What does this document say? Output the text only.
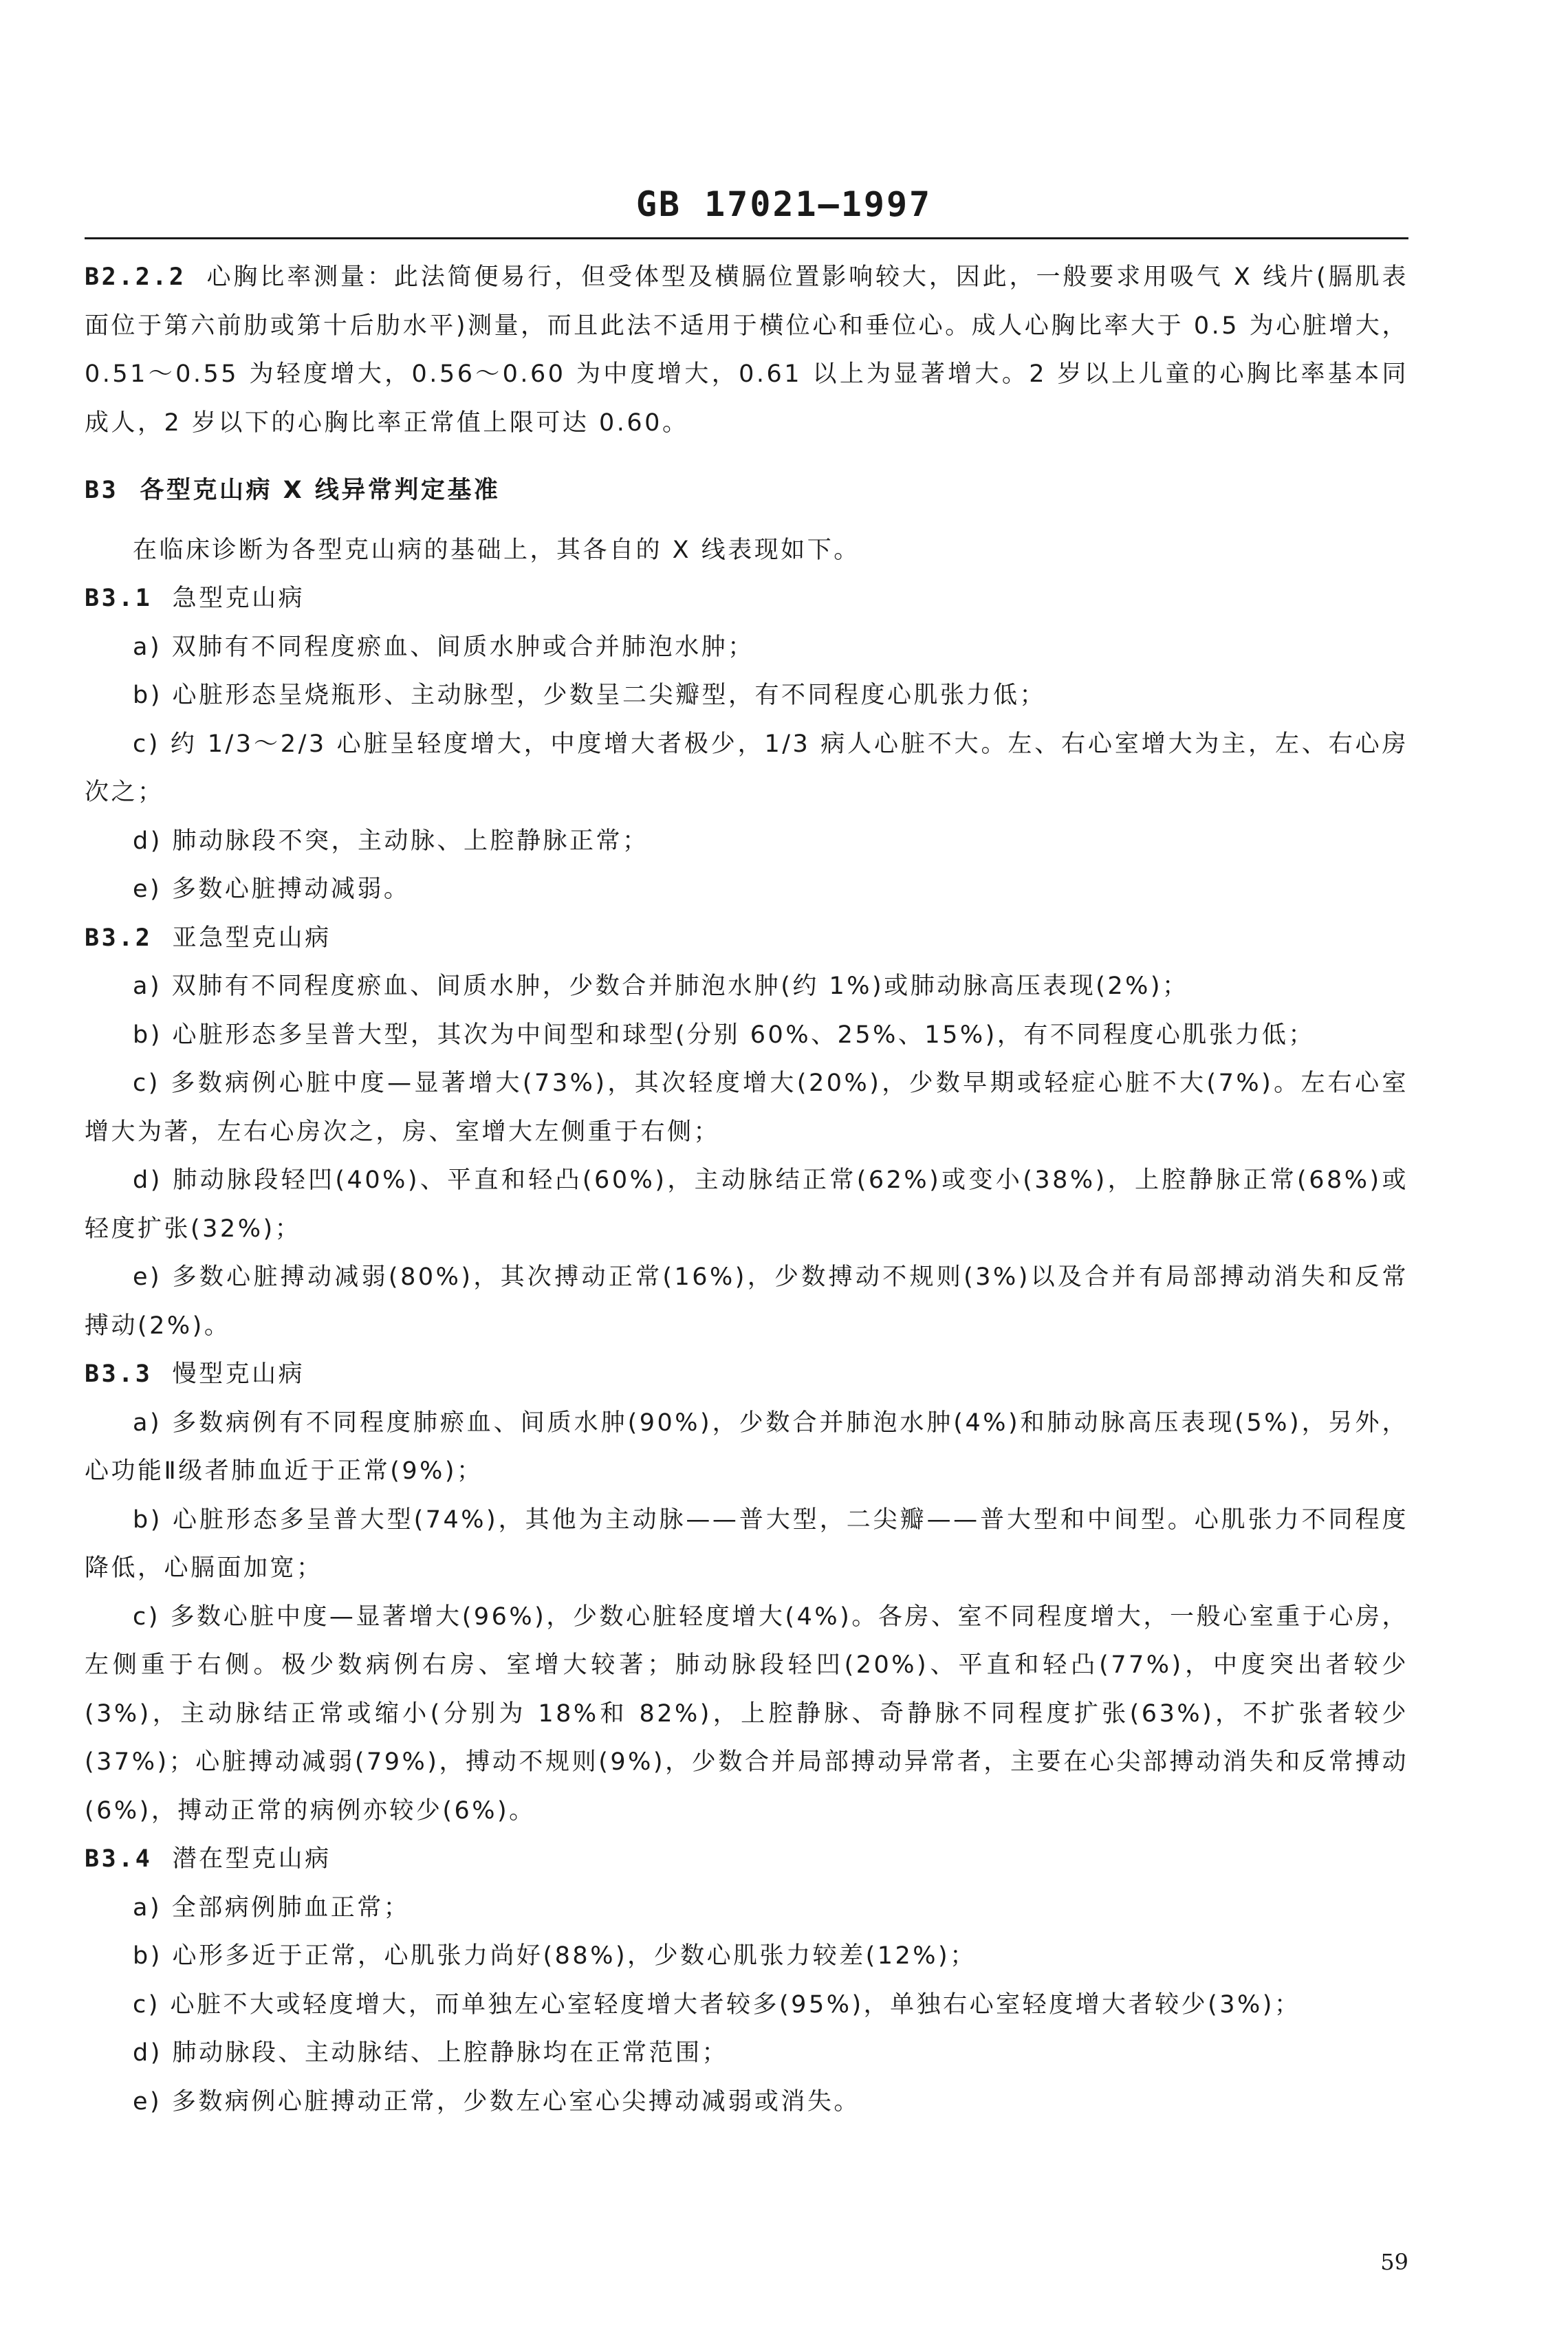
GB 17021—1997

B2.2.2 心胸比率测量：此法简便易行，但受体型及横膈位置影响较大，因此，一般要求用吸气 X 线片(膈肌表面位于第六前肋或第十后肋水平)测量，而且此法不适用于横位心和垂位心。成人心胸比率大于 0.5 为心脏增大，0.51～0.55 为轻度增大，0.56～0.60 为中度增大，0.61 以上为显著增大。2 岁以上儿童的心胸比率基本同成人，2 岁以下的心胸比率正常值上限可达 0.60。

B3 各型克山病 X 线异常判定基准

在临床诊断为各型克山病的基础上，其各自的 X 线表现如下。

B3.1 急型克山病

a) 双肺有不同程度瘀血、间质水肿或合并肺泡水肿；

b) 心脏形态呈烧瓶形、主动脉型，少数呈二尖瓣型，有不同程度心肌张力低；

c) 约 1/3～2/3 心脏呈轻度增大，中度增大者极少，1/3 病人心脏不大。左、右心室增大为主，左、右心房次之；

d) 肺动脉段不突，主动脉、上腔静脉正常；

e) 多数心脏搏动减弱。

B3.2 亚急型克山病

a) 双肺有不同程度瘀血、间质水肿，少数合并肺泡水肿(约 1%)或肺动脉高压表现(2%)；

b) 心脏形态多呈普大型，其次为中间型和球型(分别 60%、25%、15%)，有不同程度心肌张力低；

c) 多数病例心脏中度—显著增大(73%)，其次轻度增大(20%)，少数早期或轻症心脏不大(7%)。左右心室增大为著，左右心房次之，房、室增大左侧重于右侧；

d) 肺动脉段轻凹(40%)、平直和轻凸(60%)，主动脉结正常(62%)或变小(38%)，上腔静脉正常(68%)或轻度扩张(32%)；

e) 多数心脏搏动减弱(80%)，其次搏动正常(16%)，少数搏动不规则(3%)以及合并有局部搏动消失和反常搏动(2%)。

B3.3 慢型克山病

a) 多数病例有不同程度肺瘀血、间质水肿(90%)，少数合并肺泡水肿(4%)和肺动脉高压表现(5%)，另外，心功能Ⅱ级者肺血近于正常(9%)；

b) 心脏形态多呈普大型(74%)，其他为主动脉——普大型，二尖瓣——普大型和中间型。心肌张力不同程度降低，心膈面加宽；

c) 多数心脏中度—显著增大(96%)，少数心脏轻度增大(4%)。各房、室不同程度增大，一般心室重于心房，左侧重于右侧。极少数病例右房、室增大较著；肺动脉段轻凹(20%)、平直和轻凸(77%)，中度突出者较少(3%)，主动脉结正常或缩小(分别为 18%和 82%)，上腔静脉、奇静脉不同程度扩张(63%)，不扩张者较少(37%)；心脏搏动减弱(79%)，搏动不规则(9%)，少数合并局部搏动异常者，主要在心尖部搏动消失和反常搏动(6%)，搏动正常的病例亦较少(6%)。

B3.4 潜在型克山病

a) 全部病例肺血正常；

b) 心形多近于正常，心肌张力尚好(88%)，少数心肌张力较差(12%)；

c) 心脏不大或轻度增大，而单独左心室轻度增大者较多(95%)，单独右心室轻度增大者较少(3%)；

d) 肺动脉段、主动脉结、上腔静脉均在正常范围；

e) 多数病例心脏搏动正常，少数左心室心尖搏动减弱或消失。

59
